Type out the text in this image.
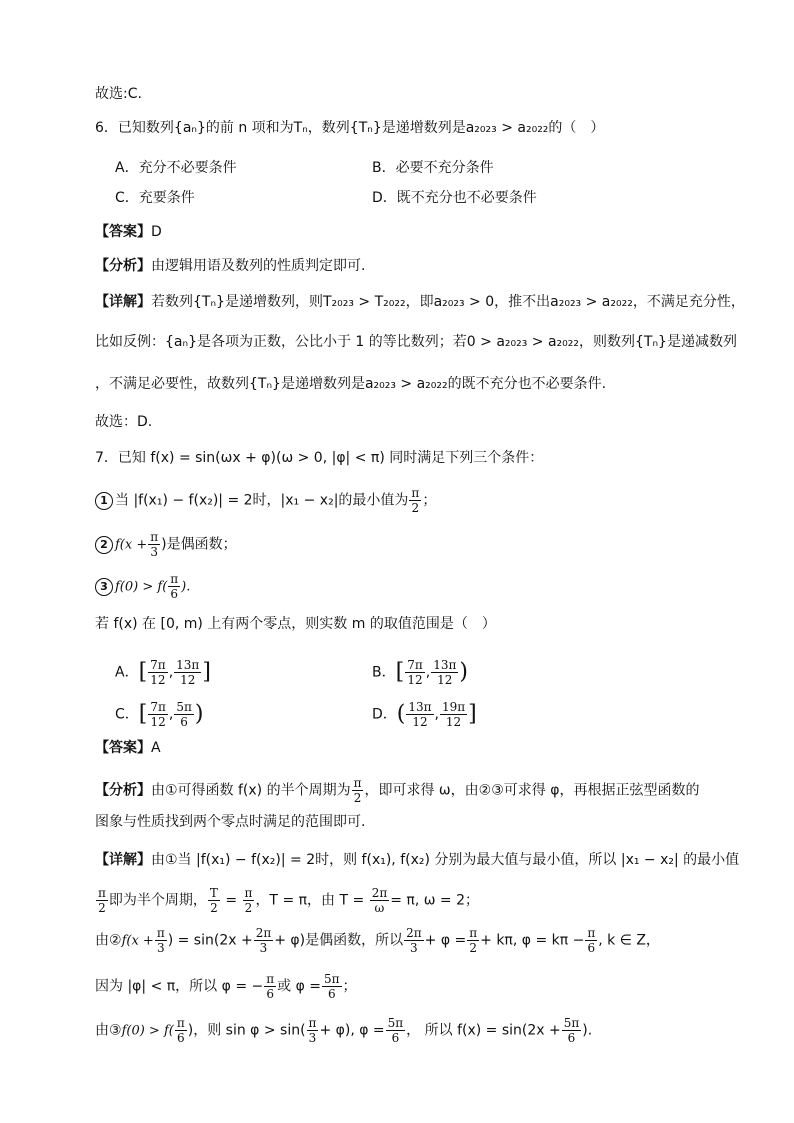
故选:C.
6．已知数列{aₙ}的前 n 项和为Tₙ，数列{Tₙ}是递增数列是a₂₀₂₃ > a₂₀₂₂的（　）
A．充分不必要条件	B．必要不充分条件
C．充要条件	D．既不充分也不必要条件
【答案】D
【分析】由逻辑用语及数列的性质判定即可.
【详解】若数列{Tₙ}是递增数列，则T₂₀₂₃ > T₂₀₂₂，即a₂₀₂₃ > 0，推不出a₂₀₂₃ > a₂₀₂₂，不满足充分性，
比如反例：{aₙ}是各项为正数，公比小于 1 的等比数列；若0 > a₂₀₂₃ > a₂₀₂₂，则数列{Tₙ}是递减数列
，不满足必要性，故数列{Tₙ}是递增数列是a₂₀₂₃ > a₂₀₂₂的既不充分也不必要条件.
故选：D.
7．已知 f(x) = sin(ωx + φ)(ω > 0, |φ| < π) 同时满足下列三个条件：
1 当 |f(x₁) − f(x₂)| = 2时，|x₁ − x₂|的最小值为 $\frac{\pi}{2}$ ；
2 $f(x + \frac{\pi}{3}$ )是偶函数；
3 $f(0) > f( \frac{\pi}{6}$ ).
若 f(x) 在 [0, m) 上有两个零点，则实数 m 的取值范围是（　）
A．[ $\frac{7\pi}{12}$ , $\frac{13\pi}{12}$ ]	B．[ $\frac{7\pi}{12}$ , $\frac{13\pi}{12}$ )
C．[ $\frac{7\pi}{12}$ , $\frac{5\pi}{6}$ )	D．( $\frac{13\pi}{12}$ , $\frac{19\pi}{12}$ ]
【答案】A
【分析】由①可得函数 f(x) 的半个周期为 $\frac{\pi}{2}$ ，即可求得 ω，由②③可求得 φ，再根据正弦型函数的
图象与性质找到两个零点时满足的范围即可.
【详解】由①当 |f(x₁) − f(x₂)| = 2时，则 f(x₁), f(x₂) 分别为最大值与最小值，所以 |x₁ − x₂| 的最小值
$\frac{\pi}{2}$ 即为半个周期， $\frac{T}{2} = \frac{\pi}{2}$ ，T = π，由 $T = \frac{2\pi}{\omega} = \pi$, ω = 2；
由②f(x + $\frac{\pi}{3}$ ) = $\sin(2x + \frac{2\pi}{3} + \varphi)$是偶函数，所以 $\frac{2\pi}{3} + \varphi = \frac{\pi}{2} + k\pi$, $\varphi = k\pi - \frac{\pi}{6}$ , k ∈ Z，
因为 |φ| < π，所以 φ = − $\frac{\pi}{6}$ 或 $\varphi = \frac{5\pi}{6}$ ；
由③f(0) > $f( \frac{\pi}{6}$ )，则 $\sin \varphi > \sin( \frac{\pi}{3} + \varphi)$, $\varphi = \frac{5\pi}{6}$ ， 所以 $f(x) = \sin(2x + \frac{5\pi}{6}$ ).
